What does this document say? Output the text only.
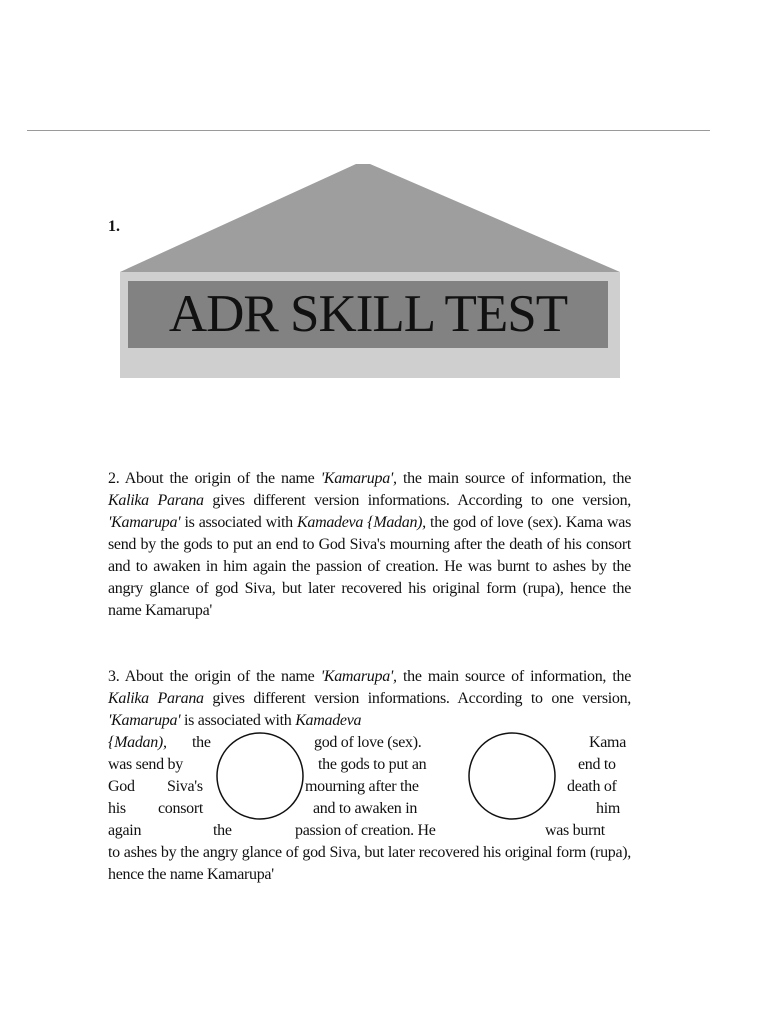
1.
ADR SKILL TEST
2. About the origin of the name 'Kamarupa', the main source of information, the Kalika Parana gives different version informations. According to one version, 'Kamarupa' is associated with Kamadeva {Madan), the god of love (sex). Kama was send by the gods to put an end to God Siva's mourning after the death of his consort and to awaken in him again the passion of creation. He was burnt to ashes by the angry glance of god Siva, but later recovered his original form (rupa), hence the name Kamarupa'
3. About the origin of the name 'Kamarupa', the main source of information, the Kalika Parana gives different version informations. According to one version, 'Kamarupa' is associated with Kamadeva
{Madan), the	god of love (sex).	Kama
was send by	the gods to put an	end to
God Siva's	mourning after the	death of
his consort	and to awaken in	him
again	the	passion of creation. He	was burnt
to ashes by the angry glance of god Siva, but later recovered his original form (rupa), hence the name Kamarupa'
